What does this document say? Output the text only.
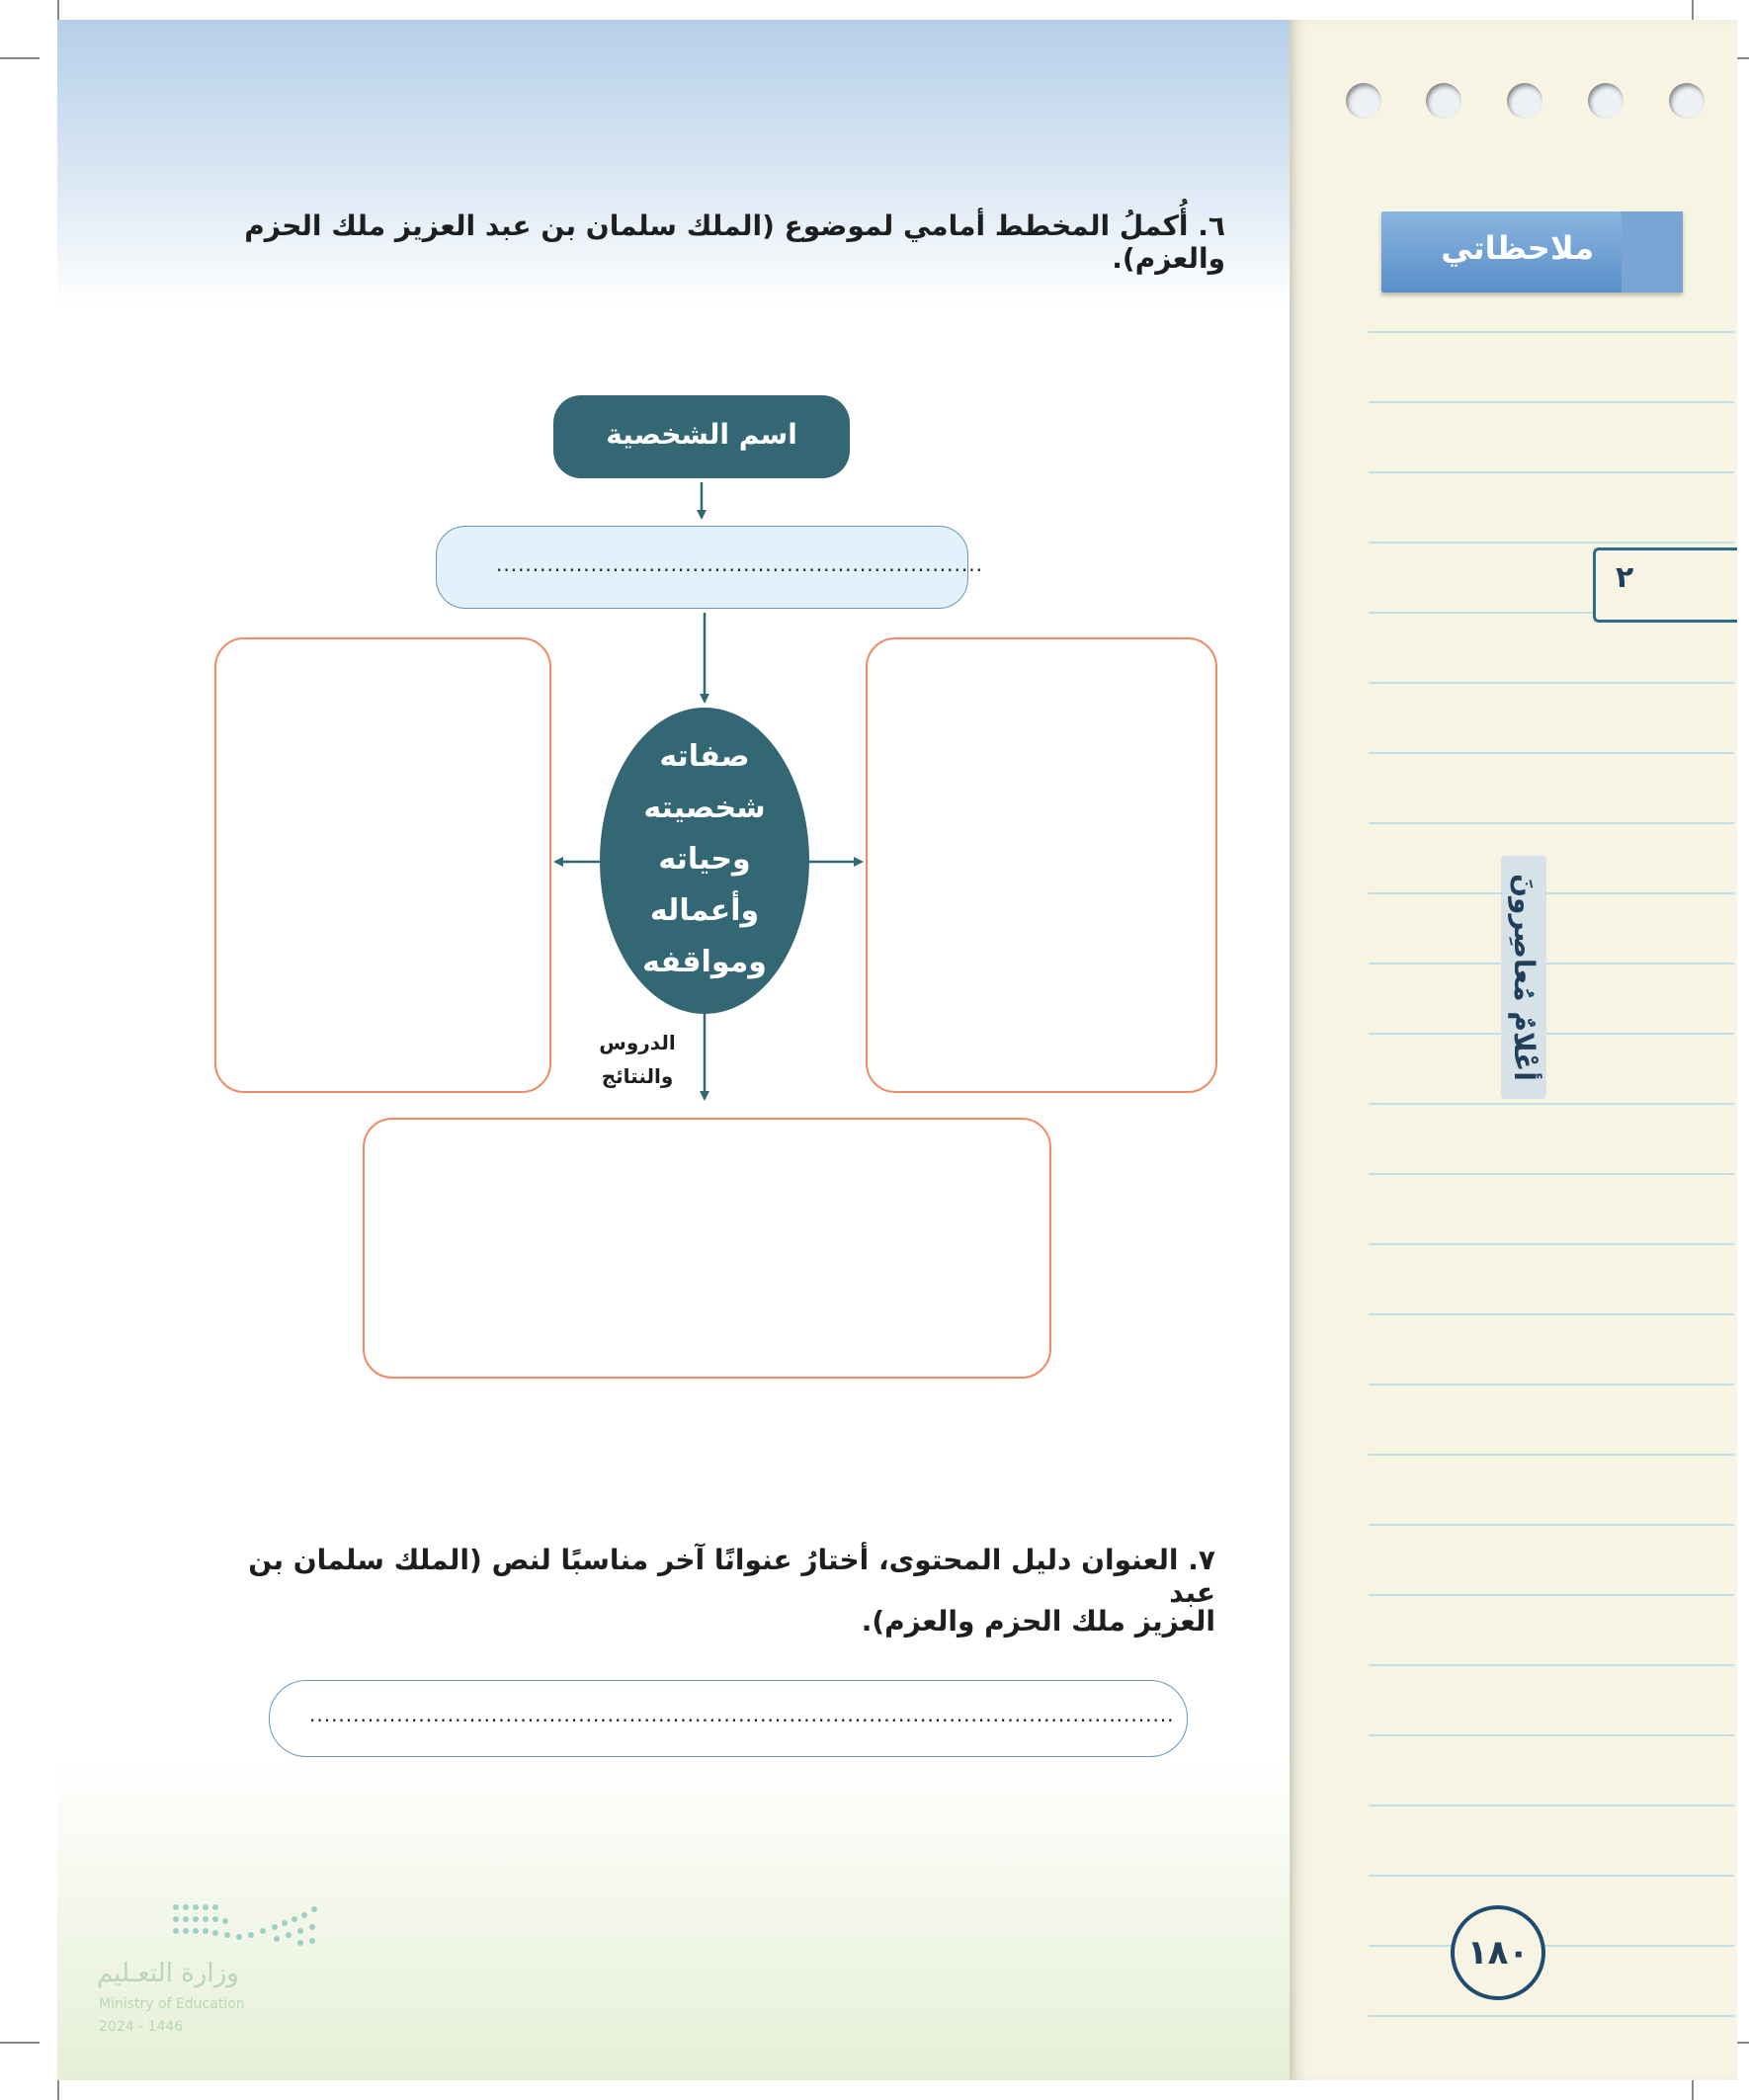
٦. أُكملُ المخطط أمامي لموضوع (الملك سلمان بن عبد العزيز ملك الحزم والعزم).
اسم الشخصية
...................................................................
صفاته
شخصيته
وحياته
وأعماله
ومواقفه
الدروس
والنتائج
٧. العنوان دليل المحتوى، أختارُ عنوانًا آخر مناسبًا لنص (الملك سلمان بن عبد
العزيز ملك الحزم والعزم).
.......................................................................................................................
ملاحظاتي
٢
أعْلامٌ مُعاصِرونَ
١٨٠
وزارة التعـليم
Ministry of Education
2024 - 1446
